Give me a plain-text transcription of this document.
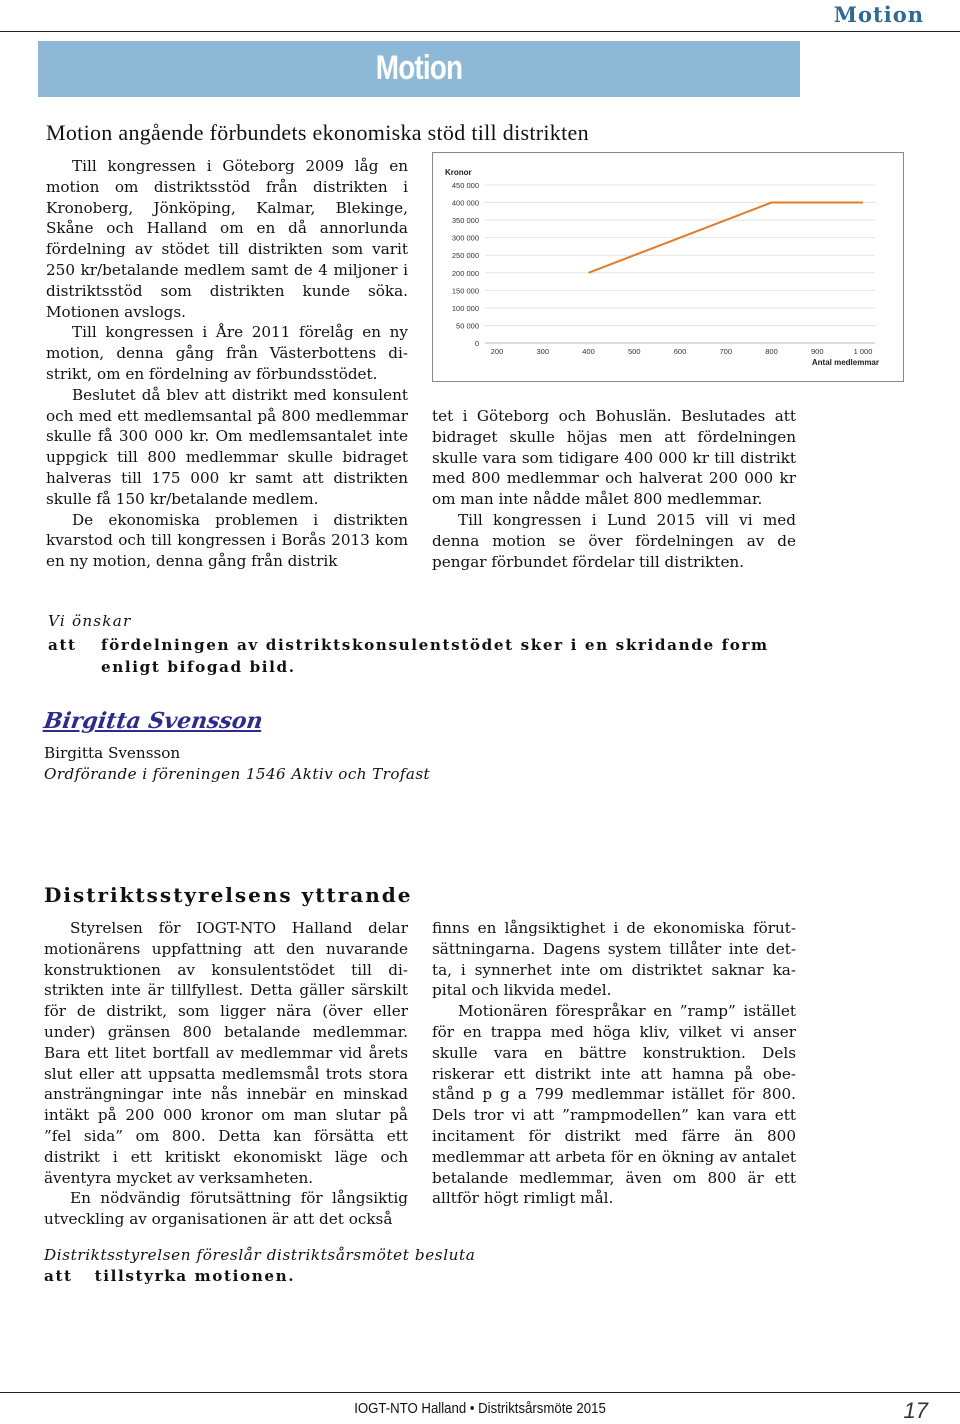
Motion
Motion
Motion angående förbundets ekonomiska stöd till distrikten

Till kongressen i Göteborg 2009 låg en motion om distriktsstöd från distrikten i Kronoberg, Jönköping, Kalmar, Blekinge, Skåne och Halland om en då annorlunda fördelning av stödet till distrikten som varit 250 kr/betalande medlem samt de 4 miljoner i distriktsstöd som distrikten kunde söka. Motionen avslogs.

Till kongressen i Åre 2011 förelåg en ny motion, denna gång från Västerbottens distrikt, om en fördelning av förbundsstödet.

Beslutet då blev att distrikt med konsulent och med ett medlemsantal på 800 medlemmar skulle få 300 000 kr. Om medlemsantalet inte uppgick till 800 medlemmar skulle bidraget halveras till 175 000 kr samt att distrikten skulle få 150 kr/betalande medlem.

De ekonomiska problemen i distrikten kvarstod och till kongressen i Borås 2013 kom en ny motion, denna gång från distrik

0
50 000
100 000
150 000
200 000
250 000
300 000
350 000
400 000
450 000
200	300	400	500	600	700	800	900	1 000
Kronor
Antal medlemmar

tet i Göteborg och Bohuslän. Beslutades att bidraget skulle höjas men att fördelningen skulle vara som tidigare 400 000 kr till distrikt med 800 medlemmar och halverat 200 000 kr om man inte nådde målet 800 medlemmar.

Till kongressen i Lund 2015 vill vi med denna motion se över fördelningen av de pengar förbundet fördelar till distrikten.

Vi önskar
att fördelningen av distriktskonsulentstödet sker i en skridande form enligt bifogad bild.
Birgitta Svensson
Birgitta Svensson
Ordförande i föreningen 1546 Aktiv och Trofast
Distriktsstyrelsens yttrande

Styrelsen för IOGT-NTO Halland delar motionärens uppfattning att den nuvarande konstruktionen av konsulentstödet till distrikten inte är tillfyllest. Detta gäller särskilt för de distrikt, som ligger nära (över eller under) gränsen 800 betalande medlemmar. Bara ett litet bortfall av medlemmar vid årets slut eller att uppsatta medlemsmål trots stora ansträngningar inte nås innebär en minskad intäkt på 200 000 kronor om man slutar på ”fel sida” om 800. Detta kan försätta ett distrikt i ett kritiskt ekonomiskt läge och äventyra mycket av verksamheten.

En nödvändig förutsättning för långsiktig utveckling av organisationen är att det också

finns en långsiktighet i de ekonomiska förutsättningarna. Dagens system tillåter inte detta, i synnerhet inte om distriktet saknar kapital och likvida medel.

Motionären förespråkar en ”ramp” istället för en trappa med höga kliv, vilket vi anser skulle vara en bättre konstruktion. Dels riskerar ett distrikt inte att hamna på obestånd p g a 799 medlemmar istället för 800. Dels tror vi att ”rampmodellen” kan vara ett incitament för distrikt med färre än 800 medlemmar att arbeta för en ökning av antalet betalande medlemmar, även om 800 är ett alltför högt rimligt mål.

Distriktsstyrelsen föreslår distriktsårsmötet besluta
att tillstyrka motionen.
IOGT-NTO Halland • Distriktsårsmöte 2015	17
